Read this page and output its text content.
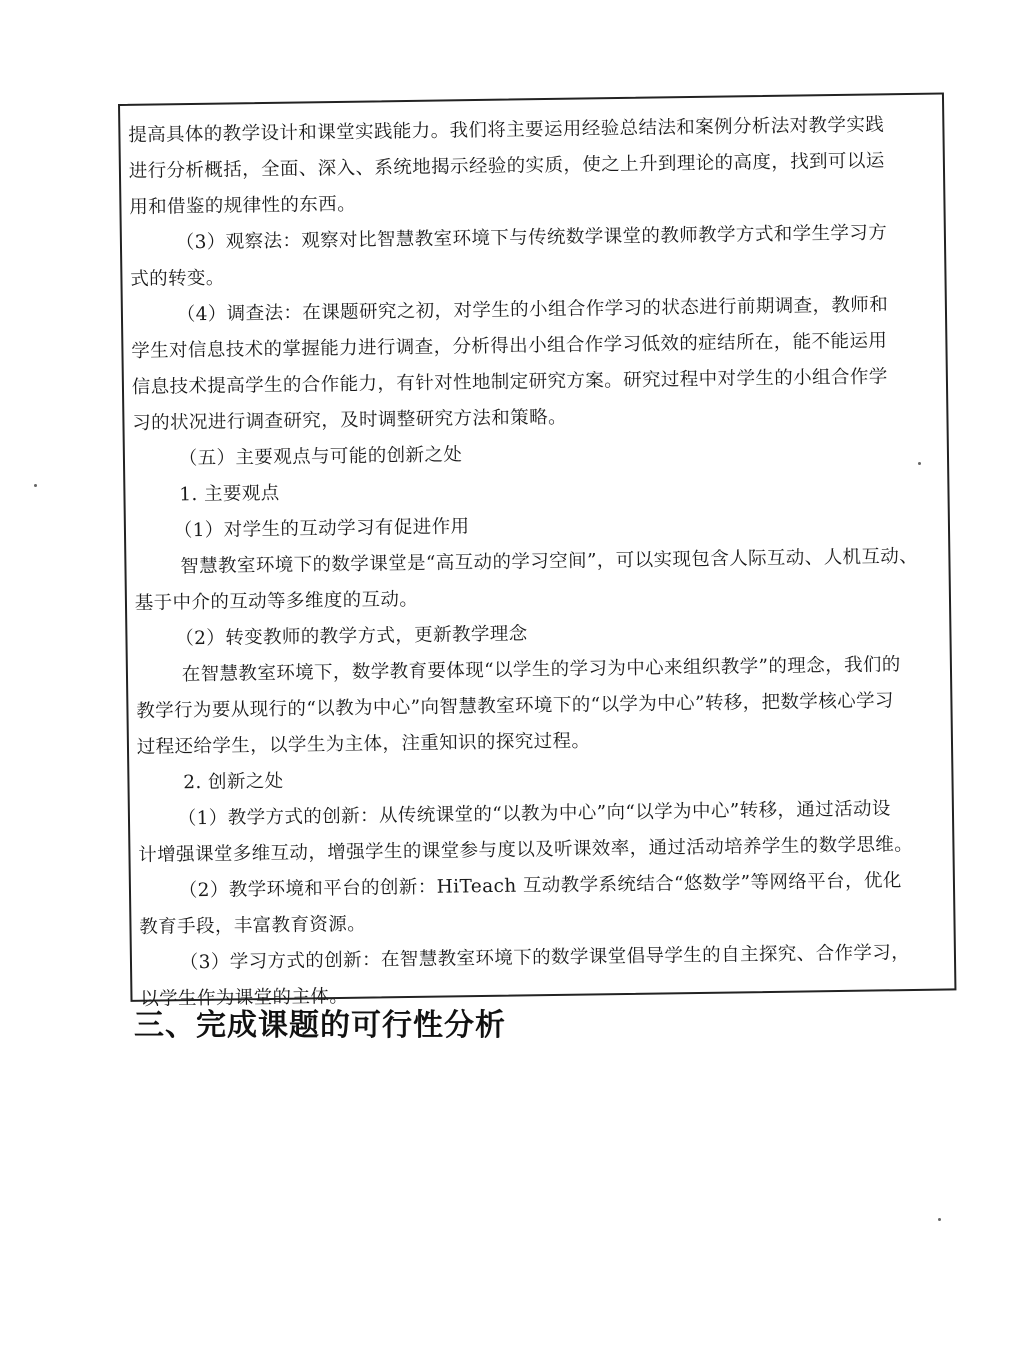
提高具体的教学设计和课堂实践能力。我们将主要运用经验总结法和案例分析法对教学实践
进行分析概括，全面、深入、系统地揭示经验的实质，使之上升到理论的高度，找到可以运
用和借鉴的规律性的东西。
（3）观察法：观察对比智慧教室环境下与传统数学课堂的教师教学方式和学生学习方
式的转变。
（4）调查法：在课题研究之初，对学生的小组合作学习的状态进行前期调查，教师和
学生对信息技术的掌握能力进行调查，分析得出小组合作学习低效的症结所在，能不能运用
信息技术提高学生的合作能力，有针对性地制定研究方案。研究过程中对学生的小组合作学
习的状况进行调查研究，及时调整研究方法和策略。
（五）主要观点与可能的创新之处
1. 主要观点
（1）对学生的互动学习有促进作用
智慧教室环境下的数学课堂是“高互动的学习空间”，可以实现包含人际互动、人机互动、
基于中介的互动等多维度的互动。
（2）转变教师的教学方式，更新教学理念
在智慧教室环境下，数学教育要体现“以学生的学习为中心来组织教学”的理念，我们的
教学行为要从现行的“以教为中心”向智慧教室环境下的“以学为中心”转移，把数学核心学习
过程还给学生，以学生为主体，注重知识的探究过程。
2. 创新之处
（1）教学方式的创新：从传统课堂的“以教为中心”向“以学为中心”转移，通过活动设
计增强课堂多维互动，增强学生的课堂参与度以及听课效率，通过活动培养学生的数学思维。
（2）教学环境和平台的创新：HiTeach 互动教学系统结合“悠数学”等网络平台，优化
教育手段，丰富教育资源。
（3）学习方式的创新：在智慧教室环境下的数学课堂倡导学生的自主探究、合作学习，
以学生作为课堂的主体。
三、完成课题的可行性分析
